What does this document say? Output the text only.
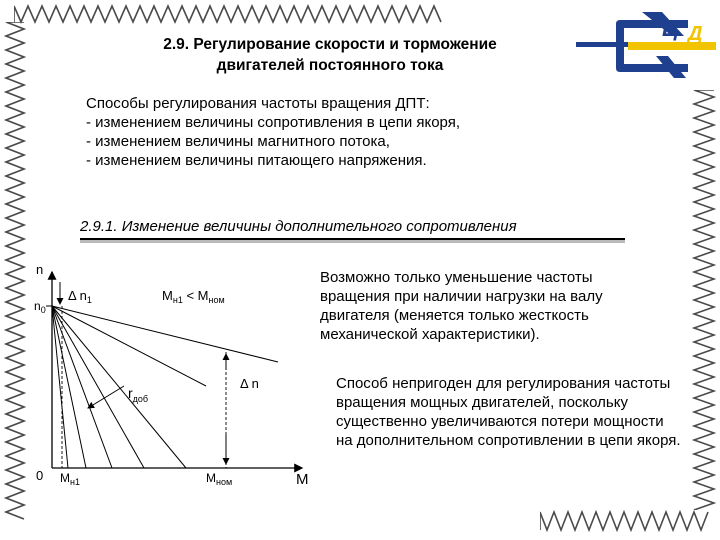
Ц Д
2.9. Регулирование скорости и торможение
двигателей постоянного тока
Способы регулирования частоты вращения ДПТ:
- изменением величины сопротивления в цепи якоря,
- изменением величины магнитного потока,
- изменением величины питающего напряжения.
2.9.1. Изменение величины дополнительного сопротивления
n
M
0
$n_0$
Δ $n_1$	$M_{н1} < M_{ном}$
Δ n
$r_{доб}$
$M_{н1}$	$M_{ном}$
Возможно только уменьшение частоты вращения при наличии нагрузки на валу двигателя (меняется только жесткость механической характеристики).
Способ непригоден для регулирования частоты вращения мощных двигателей, поскольку существенно увеличиваются потери мощности на дополнительном сопротивлении в цепи якоря.
